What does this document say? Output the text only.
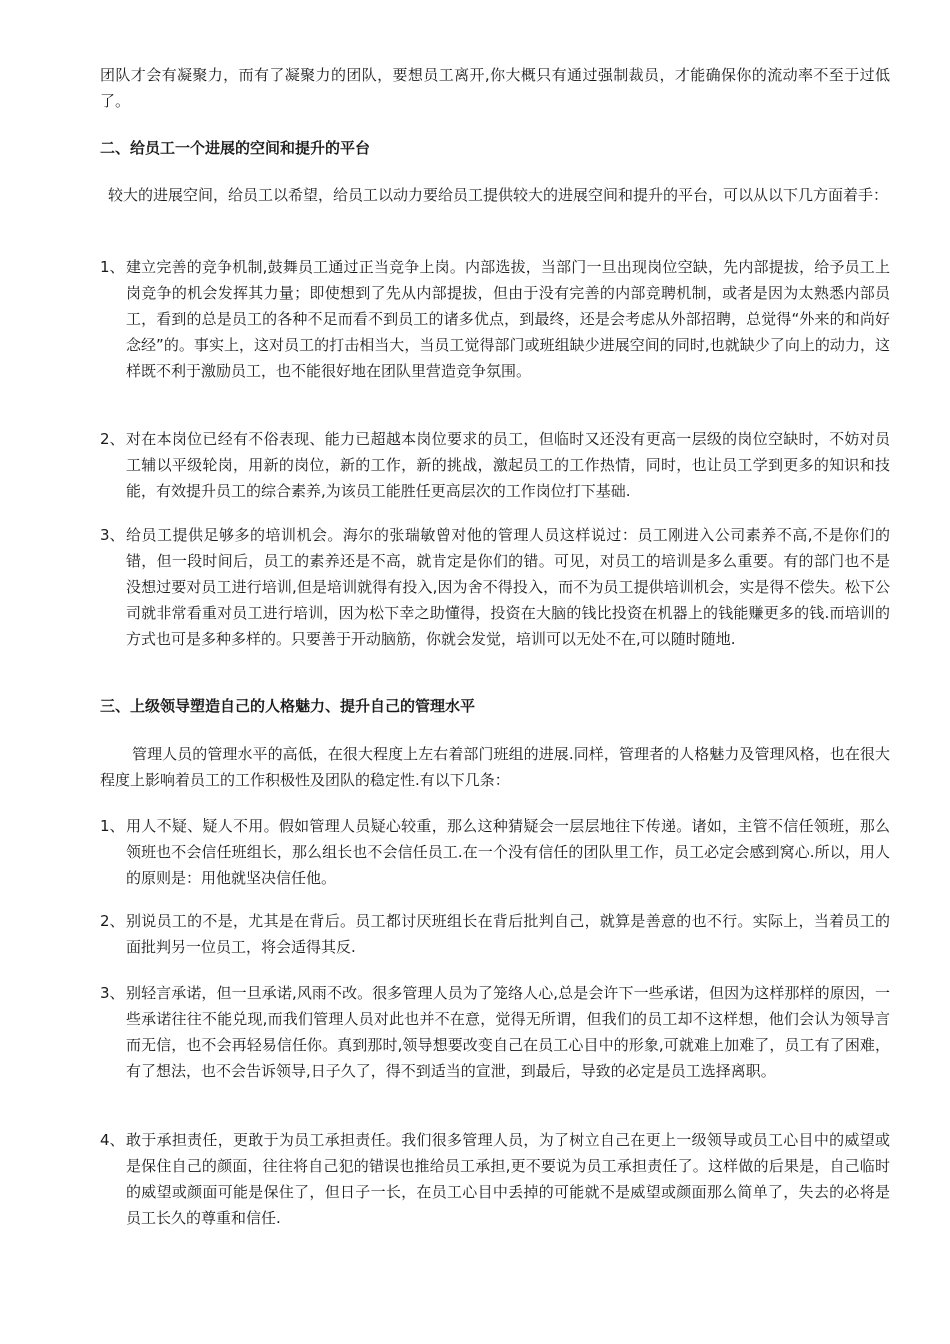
团队才会有凝聚力，而有了凝聚力的团队，要想员工离开,你大概只有通过强制裁员，才能确保你的流动率不至于过低了。

二、给员工一个进展的空间和提升的平台

较大的进展空间，给员工以希望，给员工以动力要给员工提供较大的进展空间和提升的平台，可以从以下几方面着手：

1、 建立完善的竞争机制,鼓舞员工通过正当竞争上岗。内部选拔，当部门一旦出现岗位空缺，先内部提拔，给予员工上岗竞争的机会发挥其力量；即使想到了先从内部提拔，但由于没有完善的内部竞聘机制，或者是因为太熟悉内部员工，看到的总是员工的各种不足而看不到员工的诸多优点，到最终，还是会考虑从外部招聘，总觉得“外来的和尚好念经”的。事实上，这对员工的打击相当大，当员工觉得部门或班组缺少进展空间的同时,也就缺少了向上的动力，这样既不利于激励员工，也不能很好地在团队里营造竞争氛围。

2、 对在本岗位已经有不俗表现、能力已超越本岗位要求的员工，但临时又还没有更高一层级的岗位空缺时，不妨对员工辅以平级轮岗，用新的岗位，新的工作，新的挑战，激起员工的工作热情，同时，也让员工学到更多的知识和技能，有效提升员工的综合素养,为该员工能胜任更高层次的工作岗位打下基础.

3、 给员工提供足够多的培训机会。海尔的张瑞敏曾对他的管理人员这样说过：员工刚进入公司素养不高,不是你们的错，但一段时间后，员工的素养还是不高，就肯定是你们的错。可见，对员工的培训是多么重要。有的部门也不是没想过要对员工进行培训,但是培训就得有投入,因为舍不得投入，而不为员工提供培训机会，实是得不偿失。松下公司就非常看重对员工进行培训，因为松下幸之助懂得，投资在大脑的钱比投资在机器上的钱能赚更多的钱.而培训的方式也可是多种多样的。只要善于开动脑筋，你就会发觉，培训可以无处不在,可以随时随地.

三、上级领导塑造自己的人格魅力、提升自己的管理水平

管理人员的管理水平的高低，在很大程度上左右着部门班组的进展.同样，管理者的人格魅力及管理风格，也在很大程度上影响着员工的工作积极性及团队的稳定性.有以下几条：

1、 用人不疑、疑人不用。假如管理人员疑心较重，那么这种猜疑会一层层地往下传递。诸如，主管不信任领班，那么领班也不会信任班组长，那么组长也不会信任员工.在一个没有信任的团队里工作，员工必定会感到窝心.所以，用人的原则是：用他就坚决信任他。

2、 别说员工的不是，尤其是在背后。员工都讨厌班组长在背后批判自己，就算是善意的也不行。实际上，当着员工的面批判另一位员工，将会适得其反.

3、 别轻言承诺，但一旦承诺,风雨不改。很多管理人员为了笼络人心,总是会许下一些承诺，但因为这样那样的原因，一些承诺往往不能兑现,而我们管理人员对此也并不在意，觉得无所谓，但我们的员工却不这样想，他们会认为领导言而无信，也不会再轻易信任你。真到那时,领导想要改变自己在员工心目中的形象,可就难上加难了，员工有了困难，有了想法，也不会告诉领导,日子久了，得不到适当的宣泄，到最后，导致的必定是员工选择离职。

4、 敢于承担责任，更敢于为员工承担责任。我们很多管理人员，为了树立自己在更上一级领导或员工心目中的威望或是保住自己的颜面，往往将自己犯的错误也推给员工承担,更不要说为员工承担责任了。这样做的后果是，自己临时的威望或颜面可能是保住了，但日子一长，在员工心目中丢掉的可能就不是威望或颜面那么简单了，失去的必将是员工长久的尊重和信任.
